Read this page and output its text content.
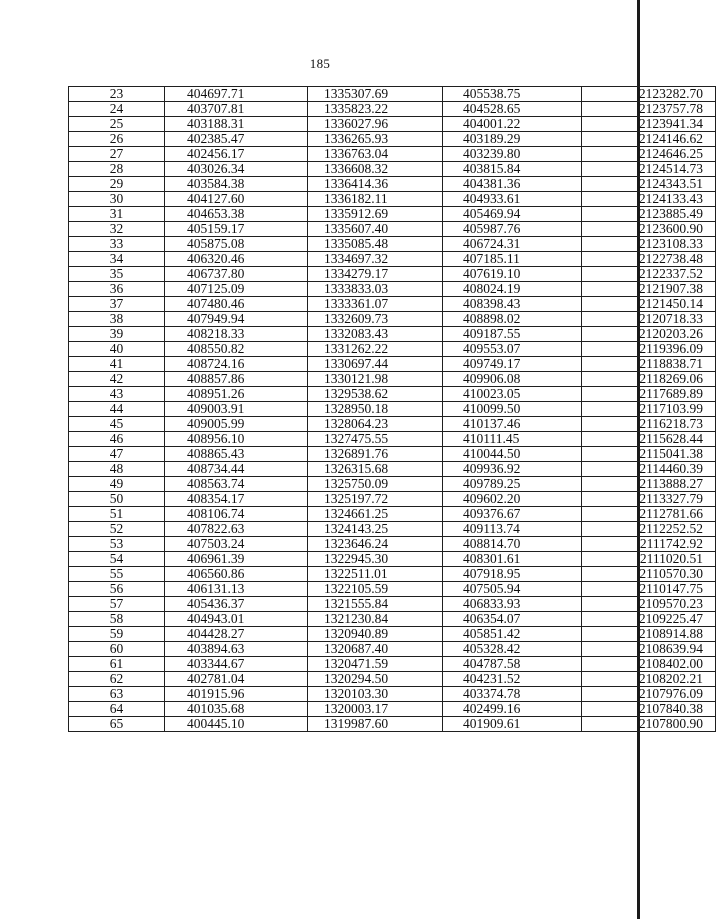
185
23	404697.71	1335307.69	405538.75	2123282.70
24	403707.81	1335823.22	404528.65	2123757.78
25	403188.31	1336027.96	404001.22	2123941.34
26	402385.47	1336265.93	403189.29	2124146.62
27	402456.17	1336763.04	403239.80	2124646.25
28	403026.34	1336608.32	403815.84	2124514.73
29	403584.38	1336414.36	404381.36	2124343.51
30	404127.60	1336182.11	404933.61	2124133.43
31	404653.38	1335912.69	405469.94	2123885.49
32	405159.17	1335607.40	405987.76	2123600.90
33	405875.08	1335085.48	406724.31	2123108.33
34	406320.46	1334697.32	407185.11	2122738.48
35	406737.80	1334279.17	407619.10	2122337.52
36	407125.09	1333833.03	408024.19	2121907.38
37	407480.46	1333361.07	408398.43	2121450.14
38	407949.94	1332609.73	408898.02	2120718.33
39	408218.33	1332083.43	409187.55	2120203.26
40	408550.82	1331262.22	409553.07	2119396.09
41	408724.16	1330697.44	409749.17	2118838.71
42	408857.86	1330121.98	409906.08	2118269.06
43	408951.26	1329538.62	410023.05	2117689.89
44	409003.91	1328950.18	410099.50	2117103.99
45	409005.99	1328064.23	410137.46	2116218.73
46	408956.10	1327475.55	410111.45	2115628.44
47	408865.43	1326891.76	410044.50	2115041.38
48	408734.44	1326315.68	409936.92	2114460.39
49	408563.74	1325750.09	409789.25	2113888.27
50	408354.17	1325197.72	409602.20	2113327.79
51	408106.74	1324661.25	409376.67	2112781.66
52	407822.63	1324143.25	409113.74	2112252.52
53	407503.24	1323646.24	408814.70	2111742.92
54	406961.39	1322945.30	408301.61	2111020.51
55	406560.86	1322511.01	407918.95	2110570.30
56	406131.13	1322105.59	407505.94	2110147.75
57	405436.37	1321555.84	406833.93	2109570.23
58	404943.01	1321230.84	406354.07	2109225.47
59	404428.27	1320940.89	405851.42	2108914.88
60	403894.63	1320687.40	405328.42	2108639.94
61	403344.67	1320471.59	404787.58	2108402.00
62	402781.04	1320294.50	404231.52	2108202.21
63	401915.96	1320103.30	403374.78	2107976.09
64	401035.68	1320003.17	402499.16	2107840.38
65	400445.10	1319987.60	401909.61	2107800.90
